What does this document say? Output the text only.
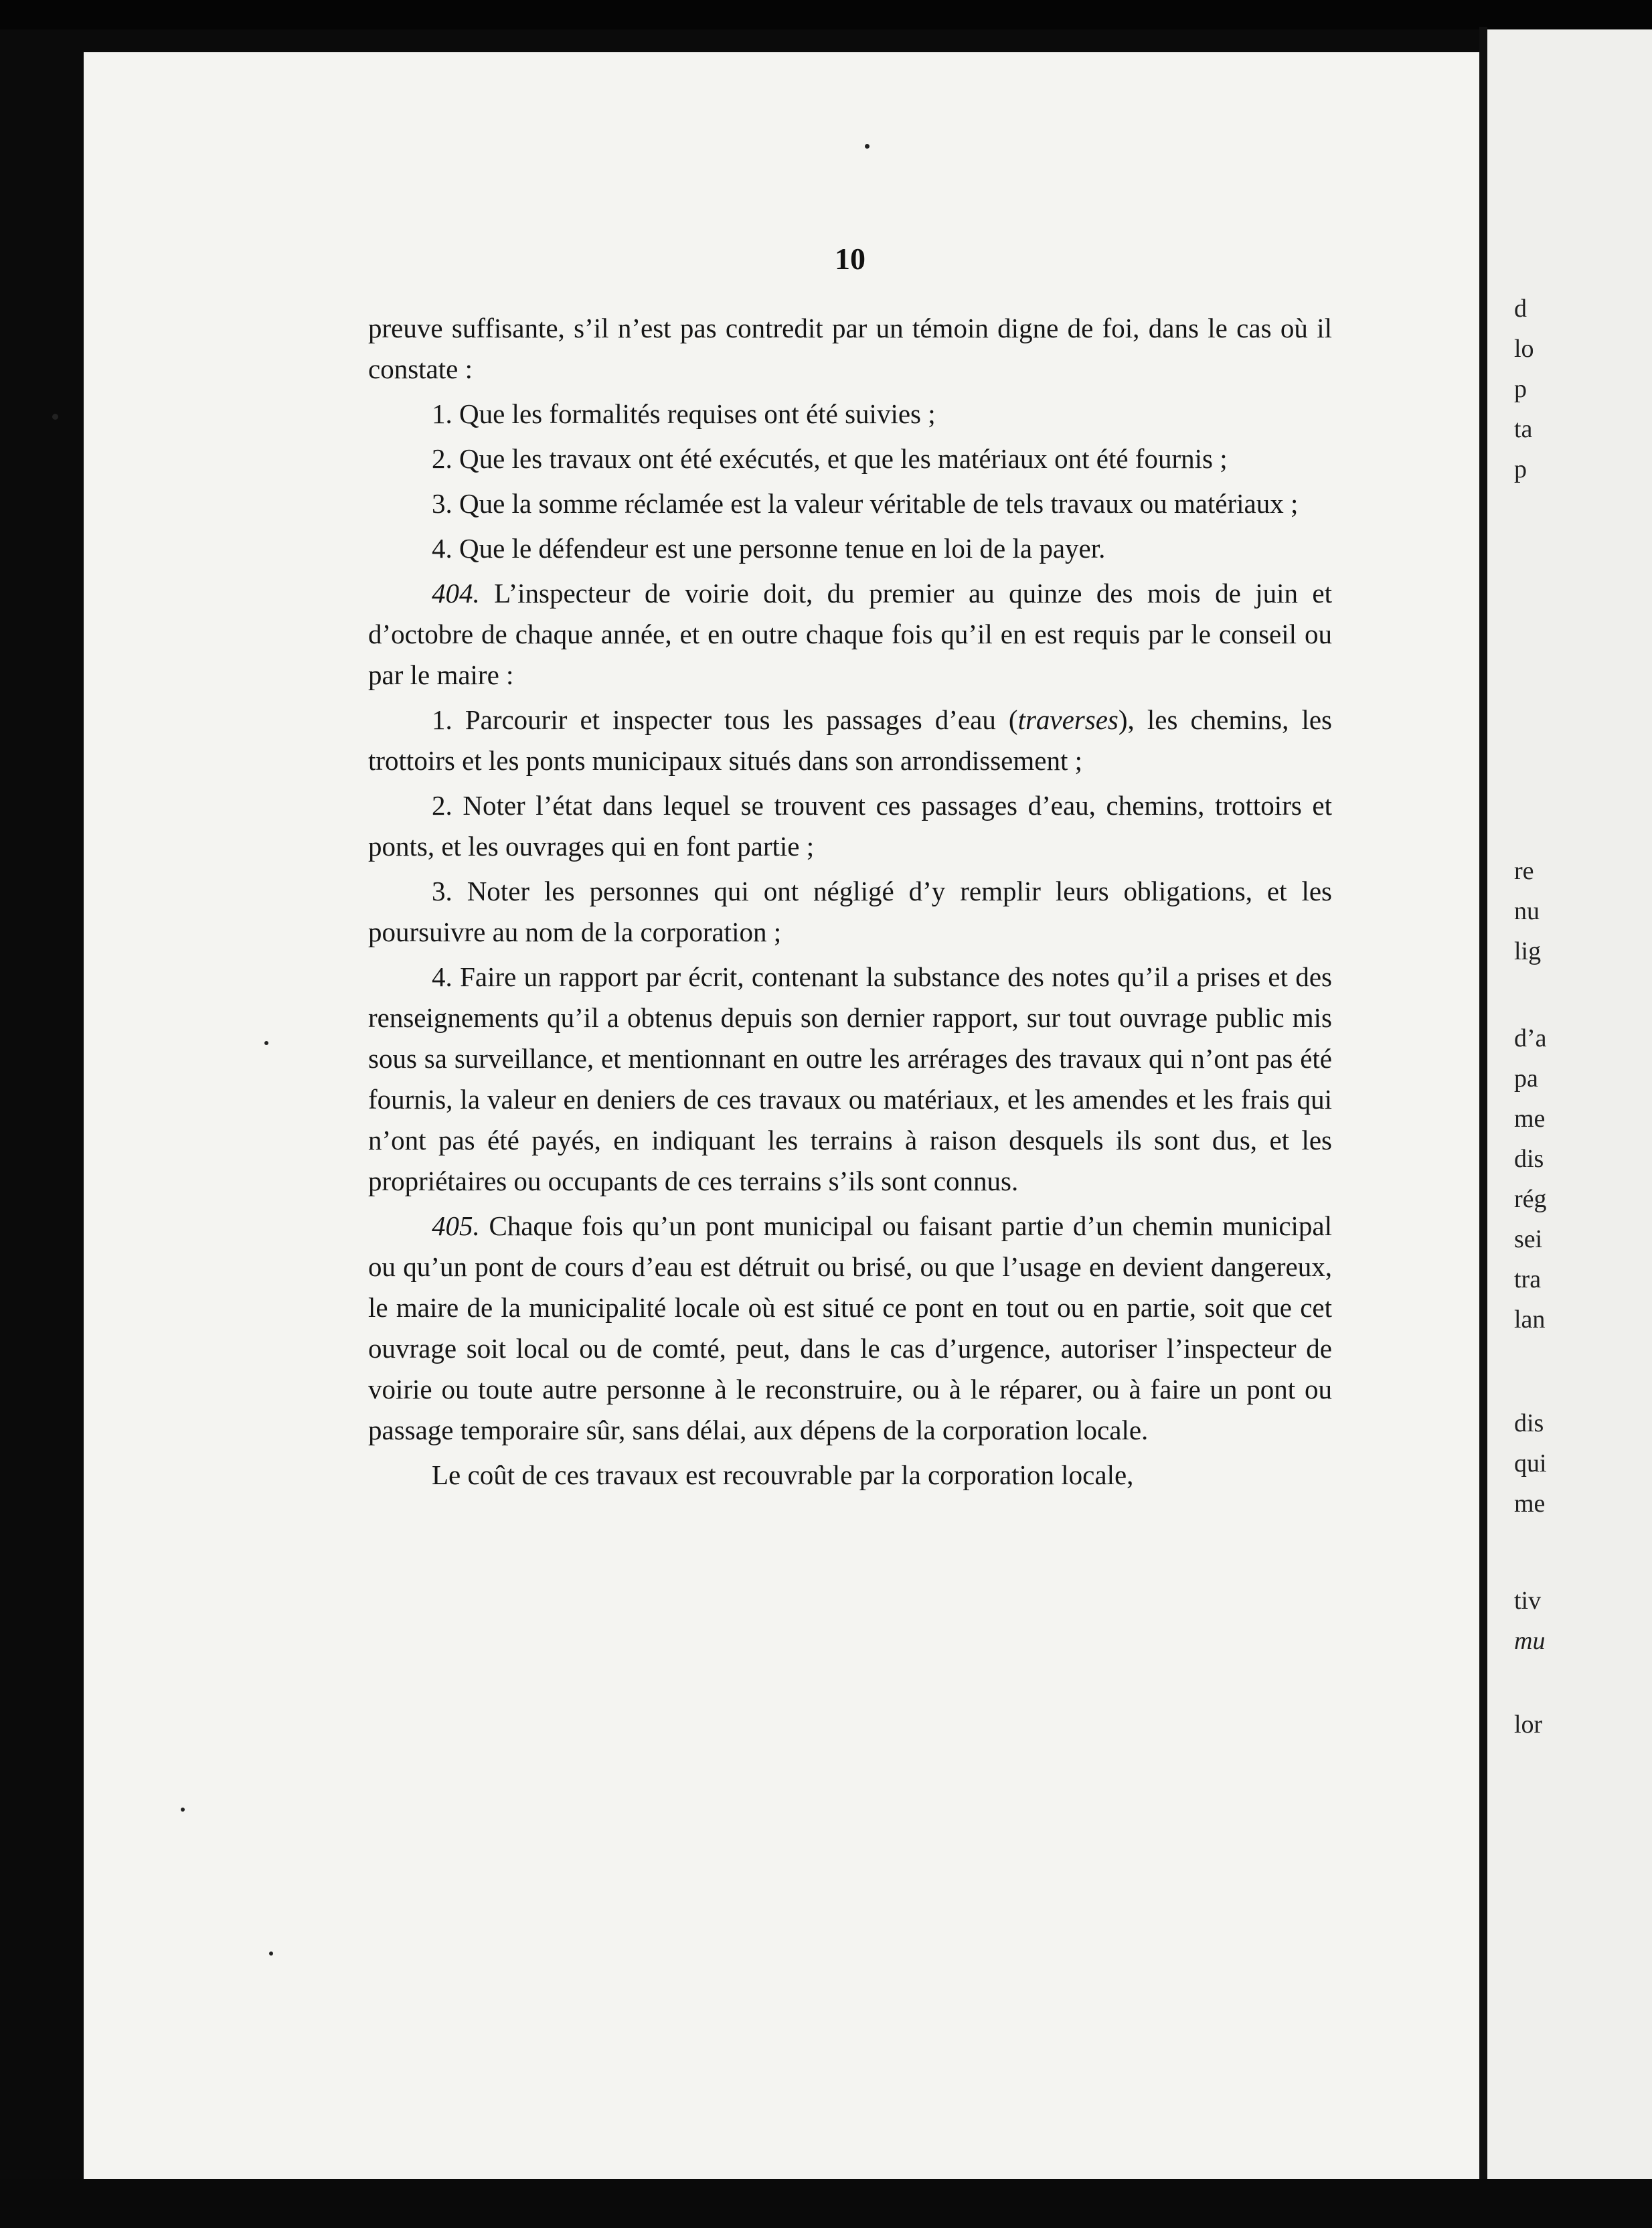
d
lo
p
ta
p
re
nu
lig
d’a
pa
me
dis
rég
sei
tra
lan
dis
qui
me
tiv
mu
lor
10

preuve suffisante, s’il n’est pas contredit par un témoin digne de foi, dans le cas où il constate :

1. Que les formalités requises ont été suivies ;

2. Que les travaux ont été exécutés, et que les matériaux ont été fournis ;

3. Que la somme réclamée est la valeur véritable de tels travaux ou matériaux ;

4. Que le défendeur est une personne tenue en loi de la payer.

404. L’inspecteur de voirie doit, du premier au quinze des mois de juin et d’octobre de chaque année, et en outre chaque fois qu’il en est requis par le conseil ou par le maire :

1. Parcourir et inspecter tous les passages d’eau (traverses), les chemins, les trottoirs et les ponts municipaux situés dans son arrondissement ;

2. Noter l’état dans lequel se trouvent ces passages d’eau, chemins, trottoirs et ponts, et les ouvrages qui en font partie ;

3. Noter les personnes qui ont négligé d’y remplir leurs obligations, et les poursuivre au nom de la corporation ;

4. Faire un rapport par écrit, contenant la substance des notes qu’il a prises et des renseignements qu’il a obtenus depuis son dernier rapport, sur tout ouvrage public mis sous sa surveillance, et mentionnant en outre les arrérages des travaux qui n’ont pas été fournis, la valeur en deniers de ces travaux ou matériaux, et les amendes et les frais qui n’ont pas été payés, en indiquant les terrains à raison desquels ils sont dus, et les propriétaires ou occupants de ces terrains s’ils sont connus.

405. Chaque fois qu’un pont municipal ou faisant partie d’un chemin municipal ou qu’un pont de cours d’eau est détruit ou brisé, ou que l’usage en devient dangereux, le maire de la municipalité locale où est situé ce pont en tout ou en partie, soit que cet ouvrage soit local ou de comté, peut, dans le cas d’urgence, autoriser l’inspecteur de voirie ou toute autre personne à le reconstruire, ou à le réparer, ou à faire un pont ou passage temporaire sûr, sans délai, aux dépens de la corporation locale.

Le coût de ces travaux est recouvrable par la corporation locale,
